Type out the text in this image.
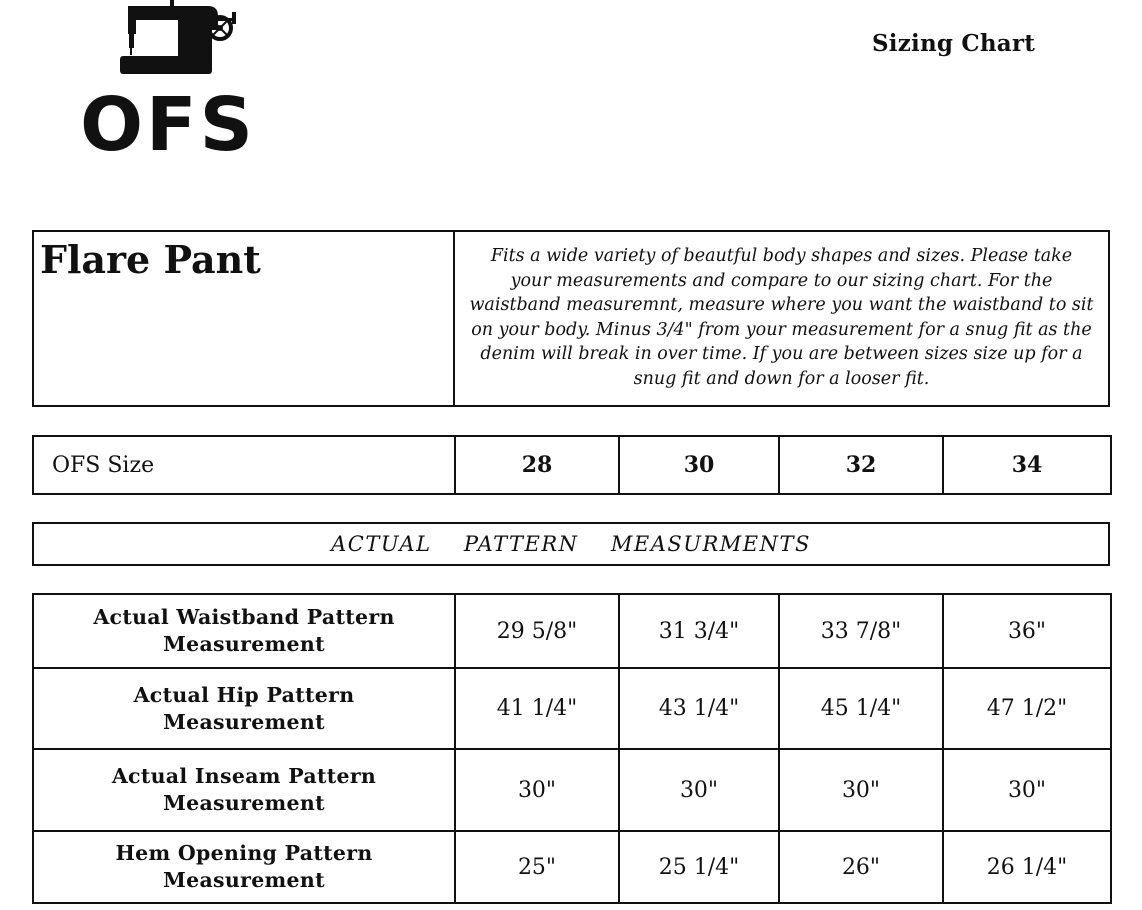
OFS
Sizing Chart
Flare Pant	Fits a wide variety of beautful body shapes and sizes. Please take your measurements and compare to our sizing chart. For the waistband measuremnt, measure where you want the waistband to sit on your body. Minus 3/4" from your measurement for a snug fit as the denim will break in over time. If you are between sizes size up for a snug fit and down for a looser fit.
OFS Size	28	30	32	34
ACTUAL  PATTERN  MEASURMENTS
Actual Waistband Pattern Measurement	29 5/8"	31 3/4"	33 7/8"	36"
Actual Hip Pattern Measurement	41 1/4"	43 1/4"	45 1/4"	47 1/2"
Actual Inseam Pattern Measurement	30"	30"	30"	30"
Hem Opening Pattern Measurement	25"	25 1/4"	26"	26 1/4"
